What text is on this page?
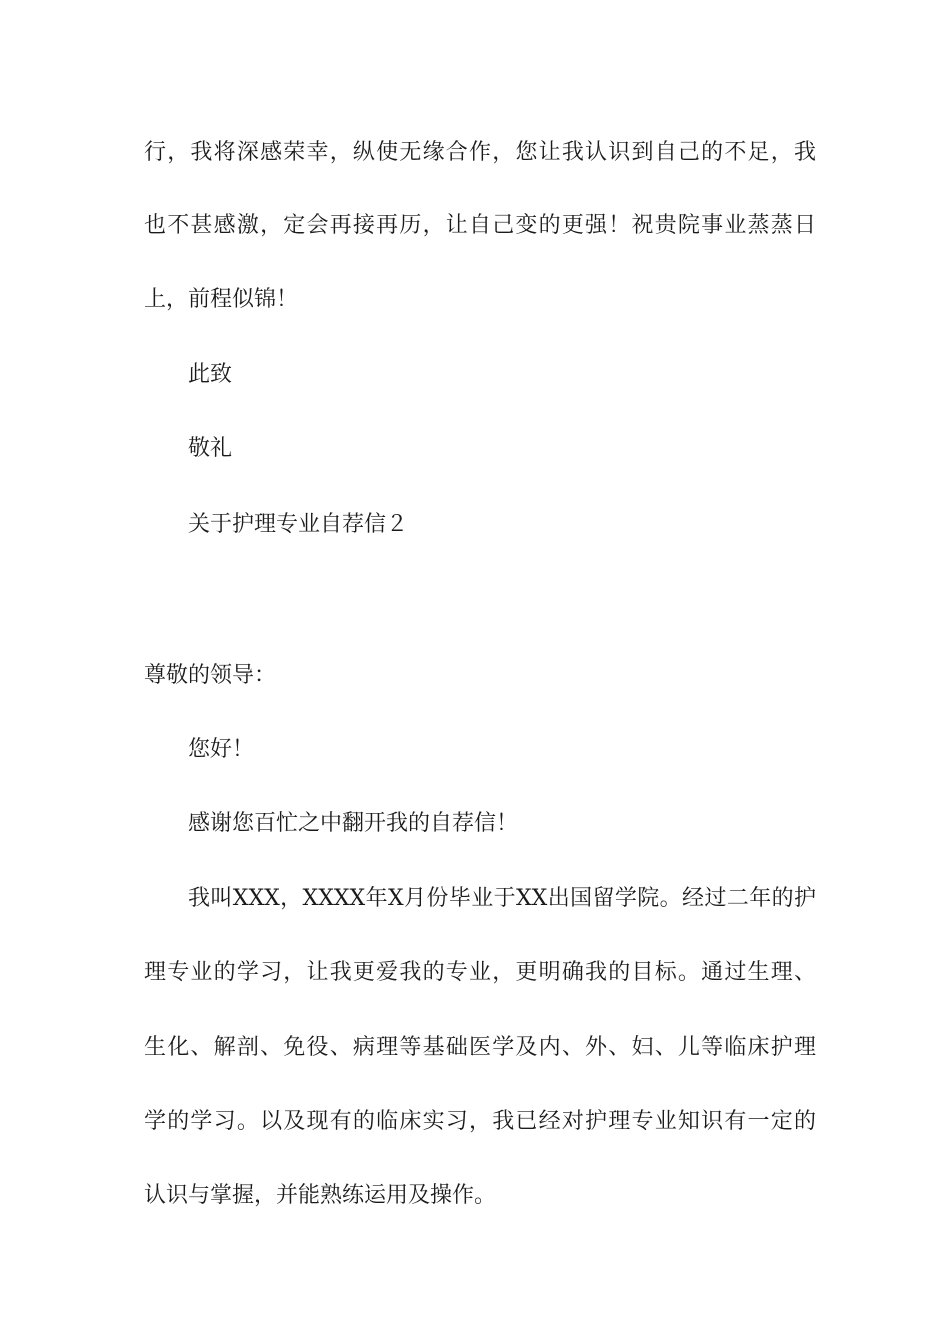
行，我将深感荣幸，纵使无缘合作，您让我认识到自己的不足，我
也不甚感激，定会再接再历，让自己变的更强！祝贵院事业蒸蒸日
上，前程似锦！
此致
敬礼
关于护理专业自荐信２
尊敬的领导：
您好！
感谢您百忙之中翻开我的自荐信！
我叫XXX，XXXX年X月份毕业于XX出国留学院。经过二年的护
理专业的学习，让我更爱我的专业，更明确我的目标。通过生理、
生化、解剖、免役、病理等基础医学及内、外、妇、儿等临床护理
学的学习。以及现有的临床实习，我已经对护理专业知识有一定的
认识与掌握，并能熟练运用及操作。
